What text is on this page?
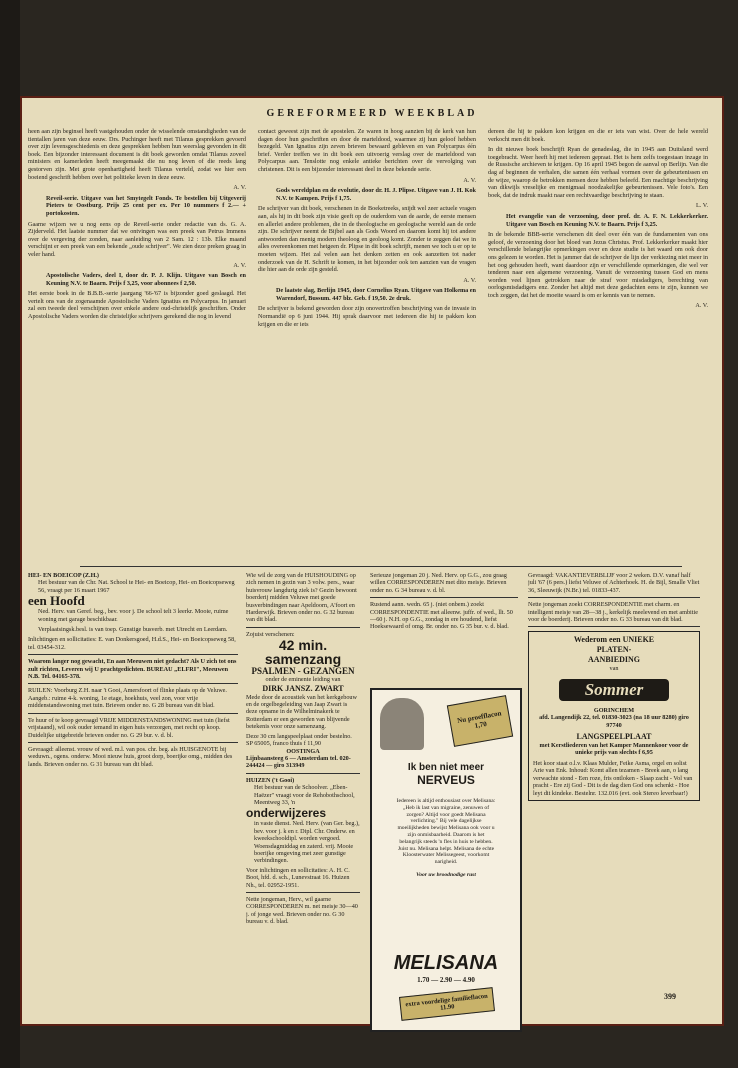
GEREFORMEERD WEEKBLAD

heen aan zijn beginsel heeft vastgehouden onder de wisselende omstandigheden van de tientallen jaren van deze eeuw. Drs. Puchinger heeft met Tilanus gesprekken gevoerd over zijn levensgeschiedenis en deze gesprekken hebben hun weerslag gevonden in dit boek. Een bijzonder interessant document is dit boek geworden omdat Tilanus zoveel ministers en kamerleden heeft meegemaakt die nu nog leven of die reeds lang gestorven zijn. Met grote openhartigheid heeft Tilanus verteld, zodat we hier een boeiend geschrift hebben over het politieke leven in deze eeuw.

A. V.

Reveil-serie. Uitgave van het Smytegelt Fonds. Te bestellen bij Uitgeverij Pieters te Oostburg. Prijs 25 cent per ex. Per 10 nummers f 2.— + portokosten.

Gaarne wijzen we u nog eens op de Reveil-serie onder redactie van ds. G. A. Zijderveld. Het laatste nummer dat we ontvingen was een preek van Petrus Immens over de vergeving der zonden, naar aanleiding van 2 Sam. 12 : 13b. Elke maand verschijnt er een preek van een bekende „oude schrijver". We zien deze preken graag in veler hand.

A. V.

Apostolische Vaders, deel I, door dr. P. J. Klijn. Uitgave van Bosch en Keuning N.V. te Baarn. Prijs f 3,25, voor abonnees f 2,50.

Het eerste boek in de B.B.B.-serie jaargang '66-'67 is bijzonder goed geslaagd. Het vertelt ons van de zogenaamde Apostolische Vaders Ignatius en Polycarpus. In januari zal een tweede deel verschijnen over enkele andere oud-christelijk geschriften. Onder Apostolische Vaders worden die christelijke schrijvers gerekend die nog in levend

contact geweest zijn met de apostelen. Ze waren in hoog aanzien bij de kerk van hun dagen door hun geschriften en door de marteldood, waarmee zij hun geloof hebben bezegeld. Van Ignatius zijn zeven brieven bewaard gebleven en van Polycarpus één brief. Verder treffen we in dit boek een uitvoerig verslag over de marteldood van Polycarpus aan. Tenslotte nog enkele antieke berichten over de vervolging van christenen. Dit is een bijzonder interessant deel in deze bekende serie.

A. V.

Gods wereldplan en de evolutie, door dr. H. J. Plipse. Uitgave van J. H. Kok N.V. te Kampen. Prijs f 1,75.

De schrijver van dit boek, verschenen in de Boeketreeks, snijdt wel zeer actuele vragen aan, als hij in dit boek zijn visie geeft op de ouderdom van de aarde, de eerste mensen en allerlei andere problemen, die in de theologische en geologische wereld aan de orde zijn. De schrijver neemt de Bijbel aan als Gods Woord en daarom komt hij tot andere antwoorden dan menig modern theoloog en geoloog komt. Zonder te zeggen dat we in alles overeenkomen met hetgeen dr. Plipse in dit boek schrijft, menen we toch u er op te moeten wijzen. Het zal velen aan het denken zetten en ook aanzetten tot nader onderzoek van de H. Schrift te komen, in het bijzonder ook ten aanzien van de vragen die hier aan de orde zijn gesteld.

A. V.

De laatste slag, Berlijn 1945, door Cornelius Ryan. Uitgave van Holkema en Warendorf, Bussum. 447 blz. Geb. f 19,50. 2e druk.

De schrijver is bekend geworden door zijn onovertroffen beschrijving van de invasie in Normandië op 6 juni 1944. Hij sprak daarvoor met iedereen die hij te pakken kon krijgen en die er iets

dereen die hij te pakken kon krijgen en die er iets van wist. Over de hele wereld verkocht men dit boek.

In dit nieuwe boek beschrijft Ryan de genadeslag, die in 1945 aan Duitsland werd toegebracht. Weer heeft hij met iedereen gepraat. Het is hem zelfs toegestaan inzage in de Russische archieven te krijgen. Op 16 april 1945 begon de aanval op Berlijn. Van die dag af beginnen de verhalen, die samen één verhaal vormen over de gebeurtenissen en de wijze, waarop de betrokken mensen deze hebben beleefd. Een machtige beschrijving van dikwijls vreselijke en menigmaal noodzakelijke gebeurtenissen. Vele foto's. Een boek, dat de indruk maakt naar een rechtvaardige beschrijving te staan.

L. V.

Het evangelie van de verzoening, door prof. dr. A. F. N. Lekkerkerker. Uitgave van Bosch en Keuning N.V. te Baarn. Prijs f 3,25.

In de bekende BBB-serie verschenen dit deel over één van de fundamenten van ons geloof, de verzoening door het bloed van Jezus Christus. Prof. Lekkerkerker maakt hier verschillende belangrijke opmerkingen over en deze studie is het waard om ook door ons gelezen te worden. Het is jammer dat de schrijver de lijn der verkiezing niet meer in het oog gehouden heeft, want daardoor zijn er verschillende opmerkingen, die wel ver tenderen naar een algemene verzoening. Vanuit de verzoening tussen God en mens worden veel lijnen getrokken naar de straf voor misdadigers, berechting van oorlogsmisdadigers enz. Zonder het altijd met deze gedachten eens te zijn, kunnen we toch zeggen, dat het de moeite waard is om er kennis van te nemen.

A. V.

HEI- EN BOEICOP (Z.H.)
Het bestuur van de Chr. Nat. School te Hei- en Boeicop, Hei- en Boeicopseweg 56, vraagt per 16 maart 1967
een Hoofd
Ned. Herv. van Geref. beg., bev. voor j. De school telt 3 leerkr. Mooie, ruime woning met garage beschikbaar.
Verplaatsingsk.besl. is van toep. Gunstige busverb. met Utrecht en Leerdam.
Inlichtingen en sollicitaties: E. van Donkersgoed, H.d.S., Hei- en Boeicopseweg 58, tel. 03454-312.
Waarom langer nog gewacht, En aan Meeuwen niet gedacht? Als U zich tot ons zult richten, Leveren wij U prachtgedichten. BUREAU „ELFRI", Meeuwen N.B. Tel. 04165-378.
RUILEN: Voorburg Z.H. naar 't Gooi, Amersfoort of flinke plaats op de Veluwe. Aangeb.: ruime 4-k. woning, 1e etage, hoekhuis, veel zon, voor vrije middenstandswoning met tuin. Brieven onder no. G 28 bureau van dit blad.
Te huur of te koop gevraagd VRIJE MIDDENSTANDSWONING met tuin (liefst vrijstaand), wil ook ouder iemand in eigen huis verzorgen, met recht op koop. Duidelijke uitgebreide brieven onder no. G 29 bur. v. d. bl.
Gevraagd: alleenst. vrouw of wed. m.l. van pos. chr. beg. als HUISGENOTE bij weduwn., ogens. onderw. Mooi nieuw huis, groot dorp, boerijke omg., midden des lands. Brieven onder no. G 31 bureau van dit blad.
Wie wil de zorg van de HUISHOUDING op zich nemen in gezin van 3 volw. pers., waar huisvrouw langdurig ziek is? Gezin bewoont boerderij midden Veluwe met goede busverbindingen naar Apeldoorn, A'foort en Harderwijk. Brieven onder no. G 32 bureau van dit blad.
Zojuist verschenen:
42 min. samenzang
PSALMEN - GEZANGEN
onder de eminente leiding van
DIRK JANSZ. ZWART
Mede door de acoustiek van het kerkgebouw en de orgelbegeleiding van Jaap Zwart is deze opname in de Wilhelminakerk te Rotterdam er een geworden van blijvende betekenis voor onze samenzang.
Deze 30 cm langspeelplaat onder bestelno. SP 65005, franco thuis f 11,90
OOSTINGA
Lijnbaansteeg 6 — Amsterdam tel. 020-244424 — giro 313949
HUIZEN ('t Gooi)
Het bestuur van de Schoolver. „Eben-Haëzer" vraagt voor de Rehobothschool, Meentweg 33, 'n
onderwijzeres
in vaste dienst. Ned. Herv. (van Ger. beg.), bev. voor j. k en r. Dipl. Chr. Onderw. en kweekschooldipl. worden vergoed. Woensdagmiddag en zaterd. vrij. Mooie boerijke omgeving met zeer gunstige verbindingen.
Voor inlichtingen en sollicitaties: A. H. C. Boot, hfd. d. sch., Lunevstraat 16. Huizen Nh., tel. 02952-1951.
Nette jongeman, Herv., wil gaarne CORRESPONDEREN m. net meisje 30—40 j. of jonge wed. Brieven onder no. G 30 bureau v. d. blad.
Serieuze jongeman 20 j. Ned. Herv. op G.G., zou graag willen CORRESPONDEREN met dito meisje. Brieven onder no. G 34 bureau v. d. bl.
Rustend aann. wedn. 65 j. (niet onbem.) zoekt CORRESPONDENTIE met alleenw. juffr. of wed., llt. 50—60 j. N.H. op G.G., zondag in ere houdend, liefst Hoeksewaard of omg. Br. onder no. G 35 bur. v. d. blad.
Nu proefflacon 1,70
Ik ben niet meer
NERVEUS
Iedereen is altijd enthousiast over Melisana: „Heb ik last van migraine, zenuwen of zorgen? Altijd voor goedt Melisana verlichting." Bij vele dagelijkse moeilijkheden bewijst Melisana ook voor u zijn onmisbaarheid. Daarom is het belangrijk steeds 'n fles in huis te hebben. Juist nu. Melisana helpt. Melisana de echte Kloosterwater Melissegeest, voorkomt narigheid.
Voor uw broodnodige rust
MELISANA
1.70 — 2.90 — 4.90
extra voordelige familieflacon 11.90
Gevraagd: VAKANTIEVERBLIJF voor 2 weken. D.V. vanaf half juli '67 (6 pers.) liefst Veluwe of Achterhoek. H. de Bijl, Smalle Vliet 36, Sleeuwijk (N.Br.) tel. 01833-437.
Nette jongeman zoekt CORRESPONDENTIE met charm. en intelligent meisje van 28—38 j., kerkelijk meelevend en met ambitie voor de boerderij. Brieven onder no. G 33 bureau van dit blad.
Wederom een UNIEKE
PLATEN-
AANBIEDING
van
Sommer
GORINCHEM
afd. Langendijk 22, tel. 01830-3023 (na 18 uur 8280) giro 97740
LANGSPEELPLAAT
met Kerstliederen van het Kamper Mannenkoor voor de unieke prijs van slechts f 6,95
Het koor staat o.l.v. Klaas Mulder, Feike Asma, orgel en solist Arie van Enk. Inhoud: Komt allen tezamen - Breek aan, o lang verwachte stond - Een roze, fris ontloken - Slaap zacht - Vol van pracht - Ere zij God - Dit is de dag dien God ons schenkt - Hoe leyt dit kindeke. Bestelnr. 132.016 (evt. ook Stereo leverbaar!)
399
